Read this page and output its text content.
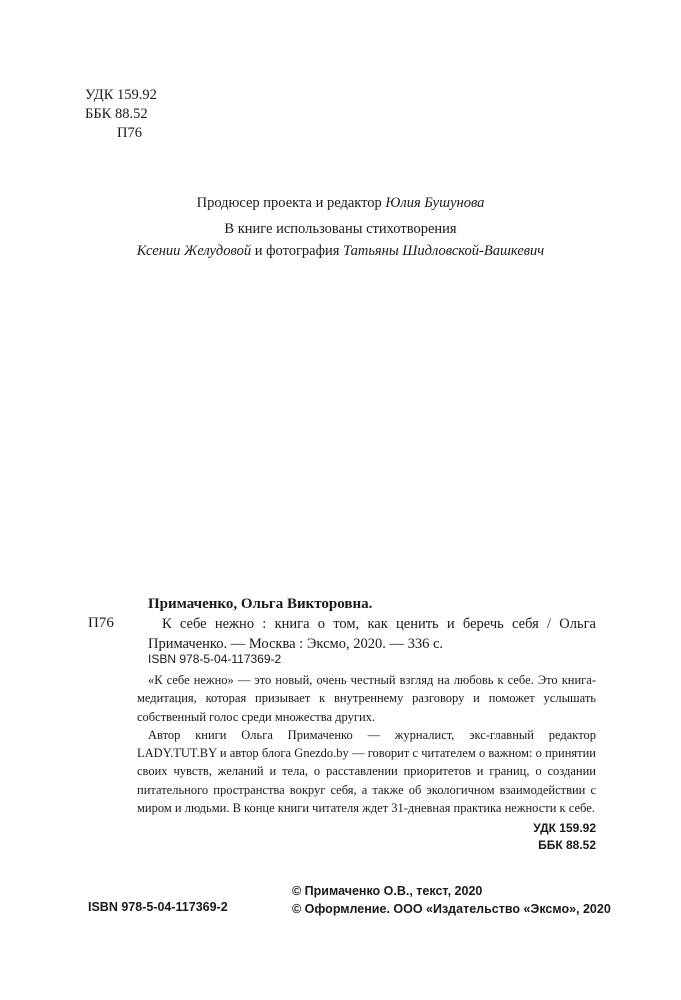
УДК 159.92
ББК 88.52
П76
Продюсер проекта и редактор Юлия Бушунова
В книге использованы стихотворения
Ксении Желудовой и фотография Татьяны Шидловской-Вашкевич
Примаченко, Ольга Викторовна.
П76	К себе нежно : книга о том, как ценить и беречь себя / Ольга Примаченко. — Москва : Эксмо, 2020. — 336 с.
ISBN 978-5-04-117369-2

«К себе нежно» — это новый, очень честный взгляд на любовь к себе. Это книга-медитация, которая призывает к внутреннему разговору и поможет услышать собственный голос среди множества других.

Автор книги Ольга Примаченко — журналист, экс-главный редактор LADY.TUT.BY и автор блога Gnezdo.by — говорит с читателем о важном: о принятии своих чувств, желаний и тела, о расставлении приоритетов и границ, о создании питательного пространства вокруг себя, а также об экологичном взаимодействии с миром и людьми. В конце книги читателя ждет 31-дневная практика нежности к себе.

УДК 159.92
ББК 88.52
© Примаченко О.В., текст, 2020
© Оформление. ООО «Издательство «Эксмо», 2020
ISBN 978-5-04-117369-2
